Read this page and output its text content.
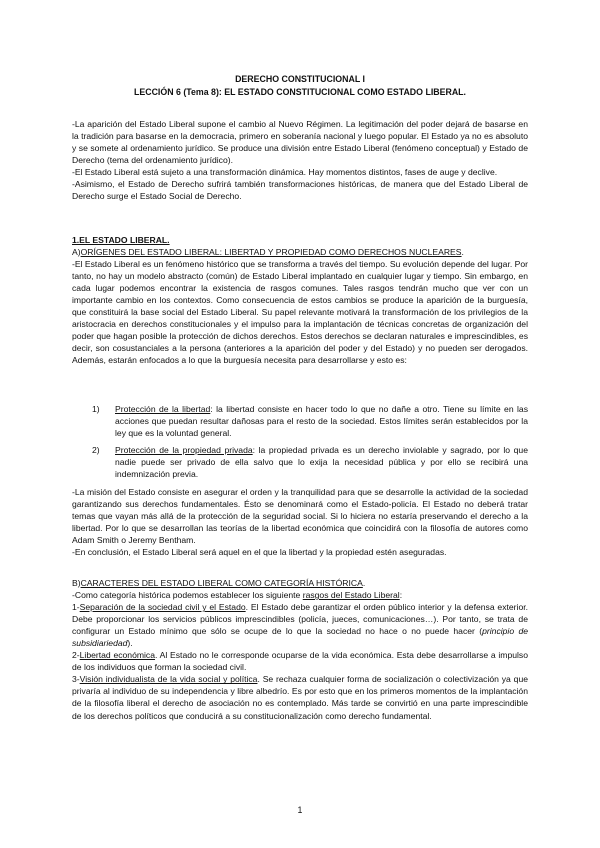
DERECHO CONSTITUCIONAL I
LECCIÓN 6 (Tema 8): EL ESTADO CONSTITUCIONAL COMO ESTADO LIBERAL.

-La aparición del Estado Liberal supone el cambio al Nuevo Régimen. La legitimación del poder dejará de basarse en la tradición para basarse en la democracia, primero en soberanía nacional y luego popular. El Estado ya no es absoluto y se somete al ordenamiento jurídico. Se produce una división entre Estado Liberal (fenómeno conceptual) y Estado de Derecho (tema del ordenamiento jurídico).

-El Estado Liberal está sujeto a una transformación dinámica. Hay momentos distintos, fases de auge y declive.

-Asimismo, el Estado de Derecho sufrirá también transformaciones históricas, de manera que del Estado Liberal de Derecho surge el Estado Social de Derecho.

1.EL ESTADO LIBERAL.

A)ORÍGENES DEL ESTADO LIBERAL: LIBERTAD Y PROPIEDAD COMO DERECHOS NUCLEARES.

-El Estado Liberal es un fenómeno histórico que se transforma a través del tiempo. Su evolución depende del lugar. Por tanto, no hay un modelo abstracto (común) de Estado Liberal implantado en cualquier lugar y tiempo. Sin embargo, en cada lugar podemos encontrar la existencia de rasgos comunes. Tales rasgos tendrán mucho que ver con un importante cambio en los contextos. Como consecuencia de estos cambios se produce la aparición de la burguesía, que constituirá la base social del Estado Liberal. Su papel relevante motivará la transformación de los privilegios de la aristocracia en derechos constitucionales y el impulso para la implantación de técnicas concretas de organización del poder que hagan posible la protección de dichos derechos. Estos derechos se declaran naturales e imprescindibles, es decir, son cosustanciales a la persona (anteriores a la aparición del poder y del Estado) y no pueden ser derogados. Además, estarán enfocados a lo que la burguesía necesita para desarrollarse y esto es:

1)	Protección de la libertad: la libertad consiste en hacer todo lo que no dañe a otro. Tiene su límite en las acciones que puedan resultar dañosas para el resto de la sociedad. Estos límites serán establecidos por la ley que es la voluntad general.

2)	Protección de la propiedad privada: la propiedad privada es un derecho inviolable y sagrado, por lo que nadie puede ser privado de ella salvo que lo exija la necesidad pública y por ello se recibirá una indemnización previa.

-La misión del Estado consiste en asegurar el orden y la tranquilidad para que se desarrolle la actividad de la sociedad garantizando sus derechos fundamentales. Ésto se denominará como el Estado-policía. El Estado no deberá tratar temas que vayan más allá de la protección de la seguridad social. Si lo hiciera no estaría preservando el derecho a la libertad. Por lo que se desarrollan las teorías de la libertad económica que coincidirá con la filosofía de autores como Adam Smith o Jeremy Bentham.

-En conclusión, el Estado Liberal será aquel en el que la libertad y la propiedad estén aseguradas.

B)CARACTERES DEL ESTADO LIBERAL COMO CATEGORÍA HISTÓRICA.

-Como categoría histórica podemos establecer los siguiente rasgos del Estado Liberal:

1-Separación de la sociedad civil y el Estado. El Estado debe garantizar el orden público interior y la defensa exterior. Debe proporcionar los servicios públicos imprescindibles (policía, jueces, comunicaciones…). Por tanto, se trata de configurar un Estado mínimo que sólo se ocupe de lo que la sociedad no hace o no puede hacer (principio de subsidiariedad).

2-Libertad económica. Al Estado no le corresponde ocuparse de la vida económica. Esta debe desarrollarse a impulso de los individuos que forman la sociedad civil.

3-Visión individualista de la vida social y política. Se rechaza cualquier forma de socialización o colectivización ya que privaría al individuo de su independencia y libre albedrío. Es por esto que en los primeros momentos de la implantación de la filosofía liberal el derecho de asociación no es contemplado. Más tarde se convirtió en una parte imprescindible de los derechos políticos que conducirá a su constitucionalización como derecho fundamental.

1
